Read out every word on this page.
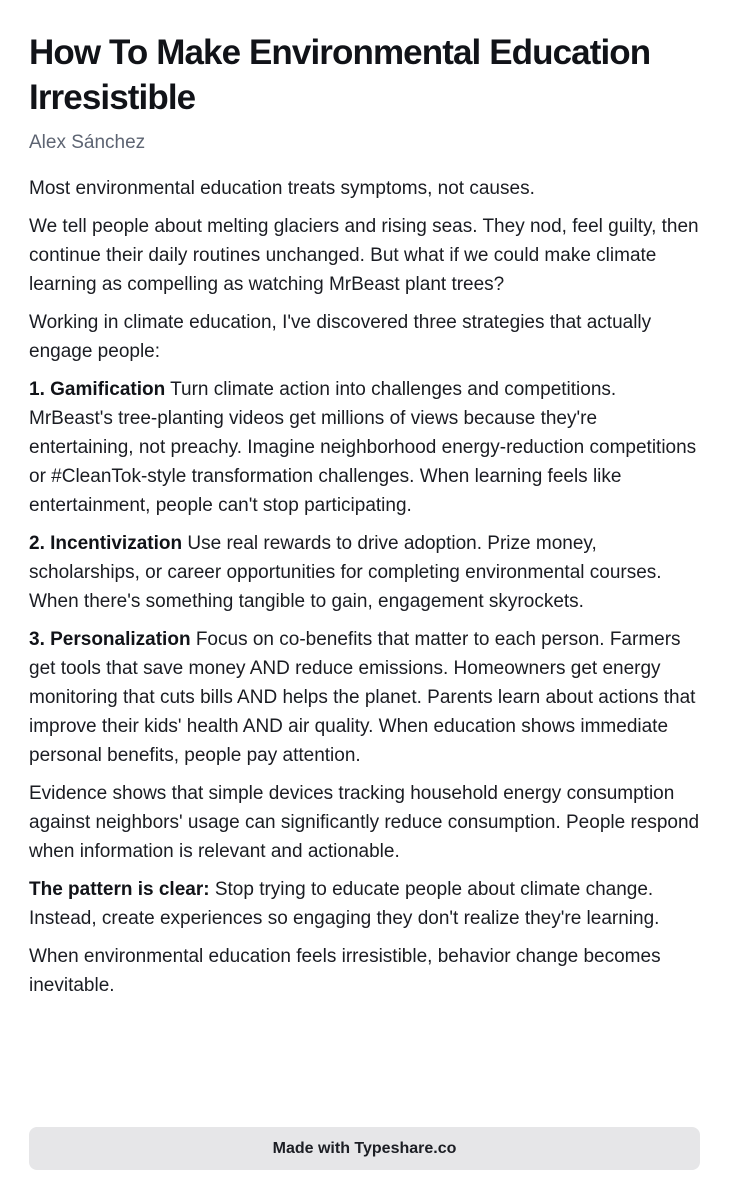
How To Make Environmental Education Irresistible
Alex Sánchez

Most environmental education treats symptoms, not causes.

We tell people about melting glaciers and rising seas. They nod, feel guilty, then continue their daily routines unchanged. But what if we could make climate learning as compelling as watching MrBeast plant trees?

Working in climate education, I've discovered three strategies that actually engage people:

1. Gamification Turn climate action into challenges and competitions. MrBeast's tree-planting videos get millions of views because they're entertaining, not preachy. Imagine neighborhood energy-reduction competitions or #CleanTok-style transformation challenges. When learning feels like entertainment, people can't stop participating.

2. Incentivization Use real rewards to drive adoption. Prize money, scholarships, or career opportunities for completing environmental courses. When there's something tangible to gain, engagement skyrockets.

3. Personalization Focus on co-benefits that matter to each person. Farmers get tools that save money AND reduce emissions. Homeowners get energy monitoring that cuts bills AND helps the planet. Parents learn about actions that improve their kids' health AND air quality. When education shows immediate personal benefits, people pay attention.

Evidence shows that simple devices tracking household energy consumption against neighbors' usage can significantly reduce consumption. People respond when information is relevant and actionable.

The pattern is clear: Stop trying to educate people about climate change. Instead, create experiences so engaging they don't realize they're learning.

When environmental education feels irresistible, behavior change becomes inevitable.

Made with Typeshare.co
